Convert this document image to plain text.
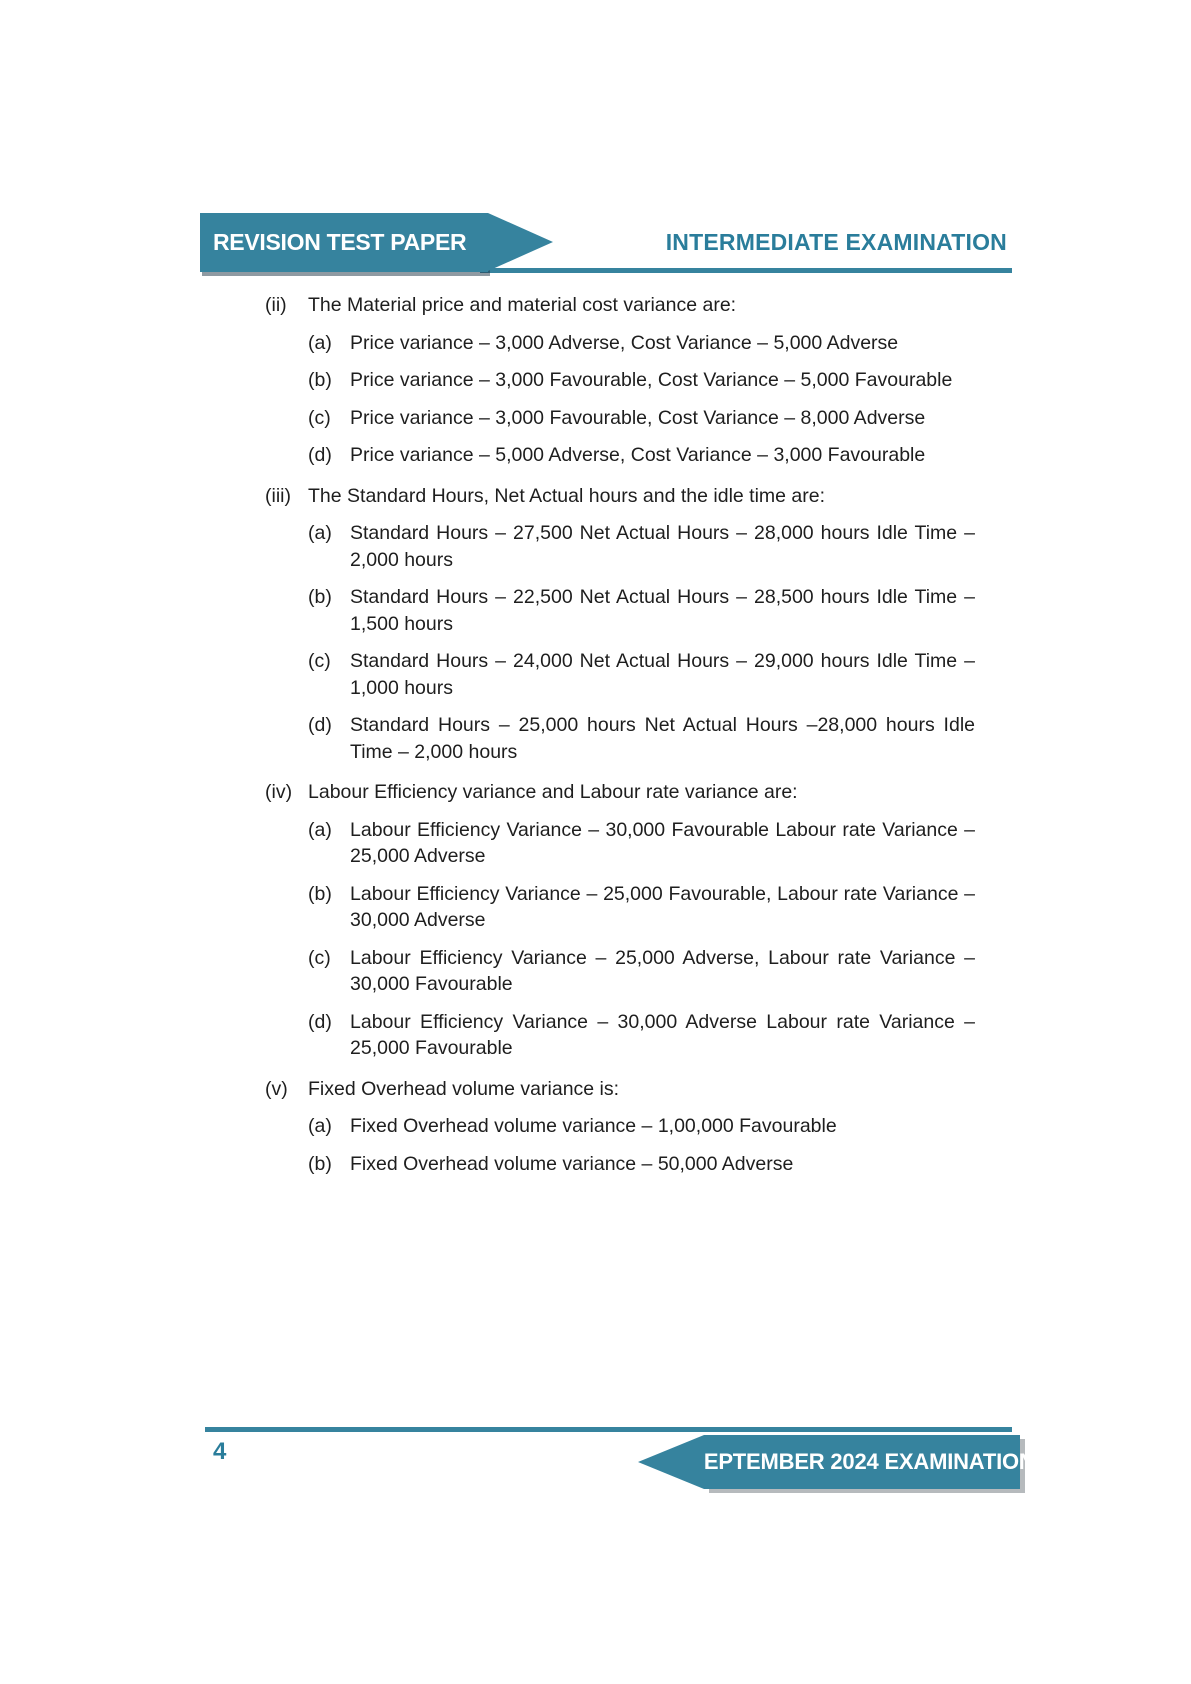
REVISION TEST PAPER	INTERMEDIATE EXAMINATION
(ii)	The Material price and material cost variance are:
(a) Price variance – 3,000 Adverse, Cost Variance – 5,000 Adverse
(b) Price variance – 3,000 Favourable, Cost Variance – 5,000 Favourable
(c) Price variance – 3,000 Favourable, Cost Variance – 8,000 Adverse
(d) Price variance – 5,000 Adverse, Cost Variance – 3,000 Favourable
(iii) The Standard Hours, Net Actual hours and the idle time are:
(a) Standard Hours – 27,500 Net Actual Hours – 28,000 hours Idle Time – 2,000 hours
(b) Standard Hours – 22,500 Net Actual Hours – 28,500 hours Idle Time – 1,500 hours
(c) Standard Hours – 24,000 Net Actual Hours – 29,000 hours Idle Time – 1,000 hours
(d) Standard Hours – 25,000 hours Net Actual Hours –28,000 hours Idle Time – 2,000 hours
(iv) Labour Efficiency variance and Labour rate variance are:
(a) Labour Efficiency Variance – 30,000 Favourable Labour rate Variance – 25,000 Adverse
(b) Labour Efficiency Variance – 25,000 Favourable, Labour rate Variance – 30,000 Adverse
(c) Labour Efficiency Variance – 25,000 Adverse, Labour rate Variance – 30,000 Favourable
(d) Labour Efficiency Variance – 30,000 Adverse Labour rate Variance – 25,000 Favourable
(v)	Fixed Overhead volume variance is:
(a) Fixed Overhead volume variance – 1,00,000 Favourable
(b) Fixed Overhead volume variance – 50,000 Adverse
4	SEPTEMBER 2024 EXAMINATION
